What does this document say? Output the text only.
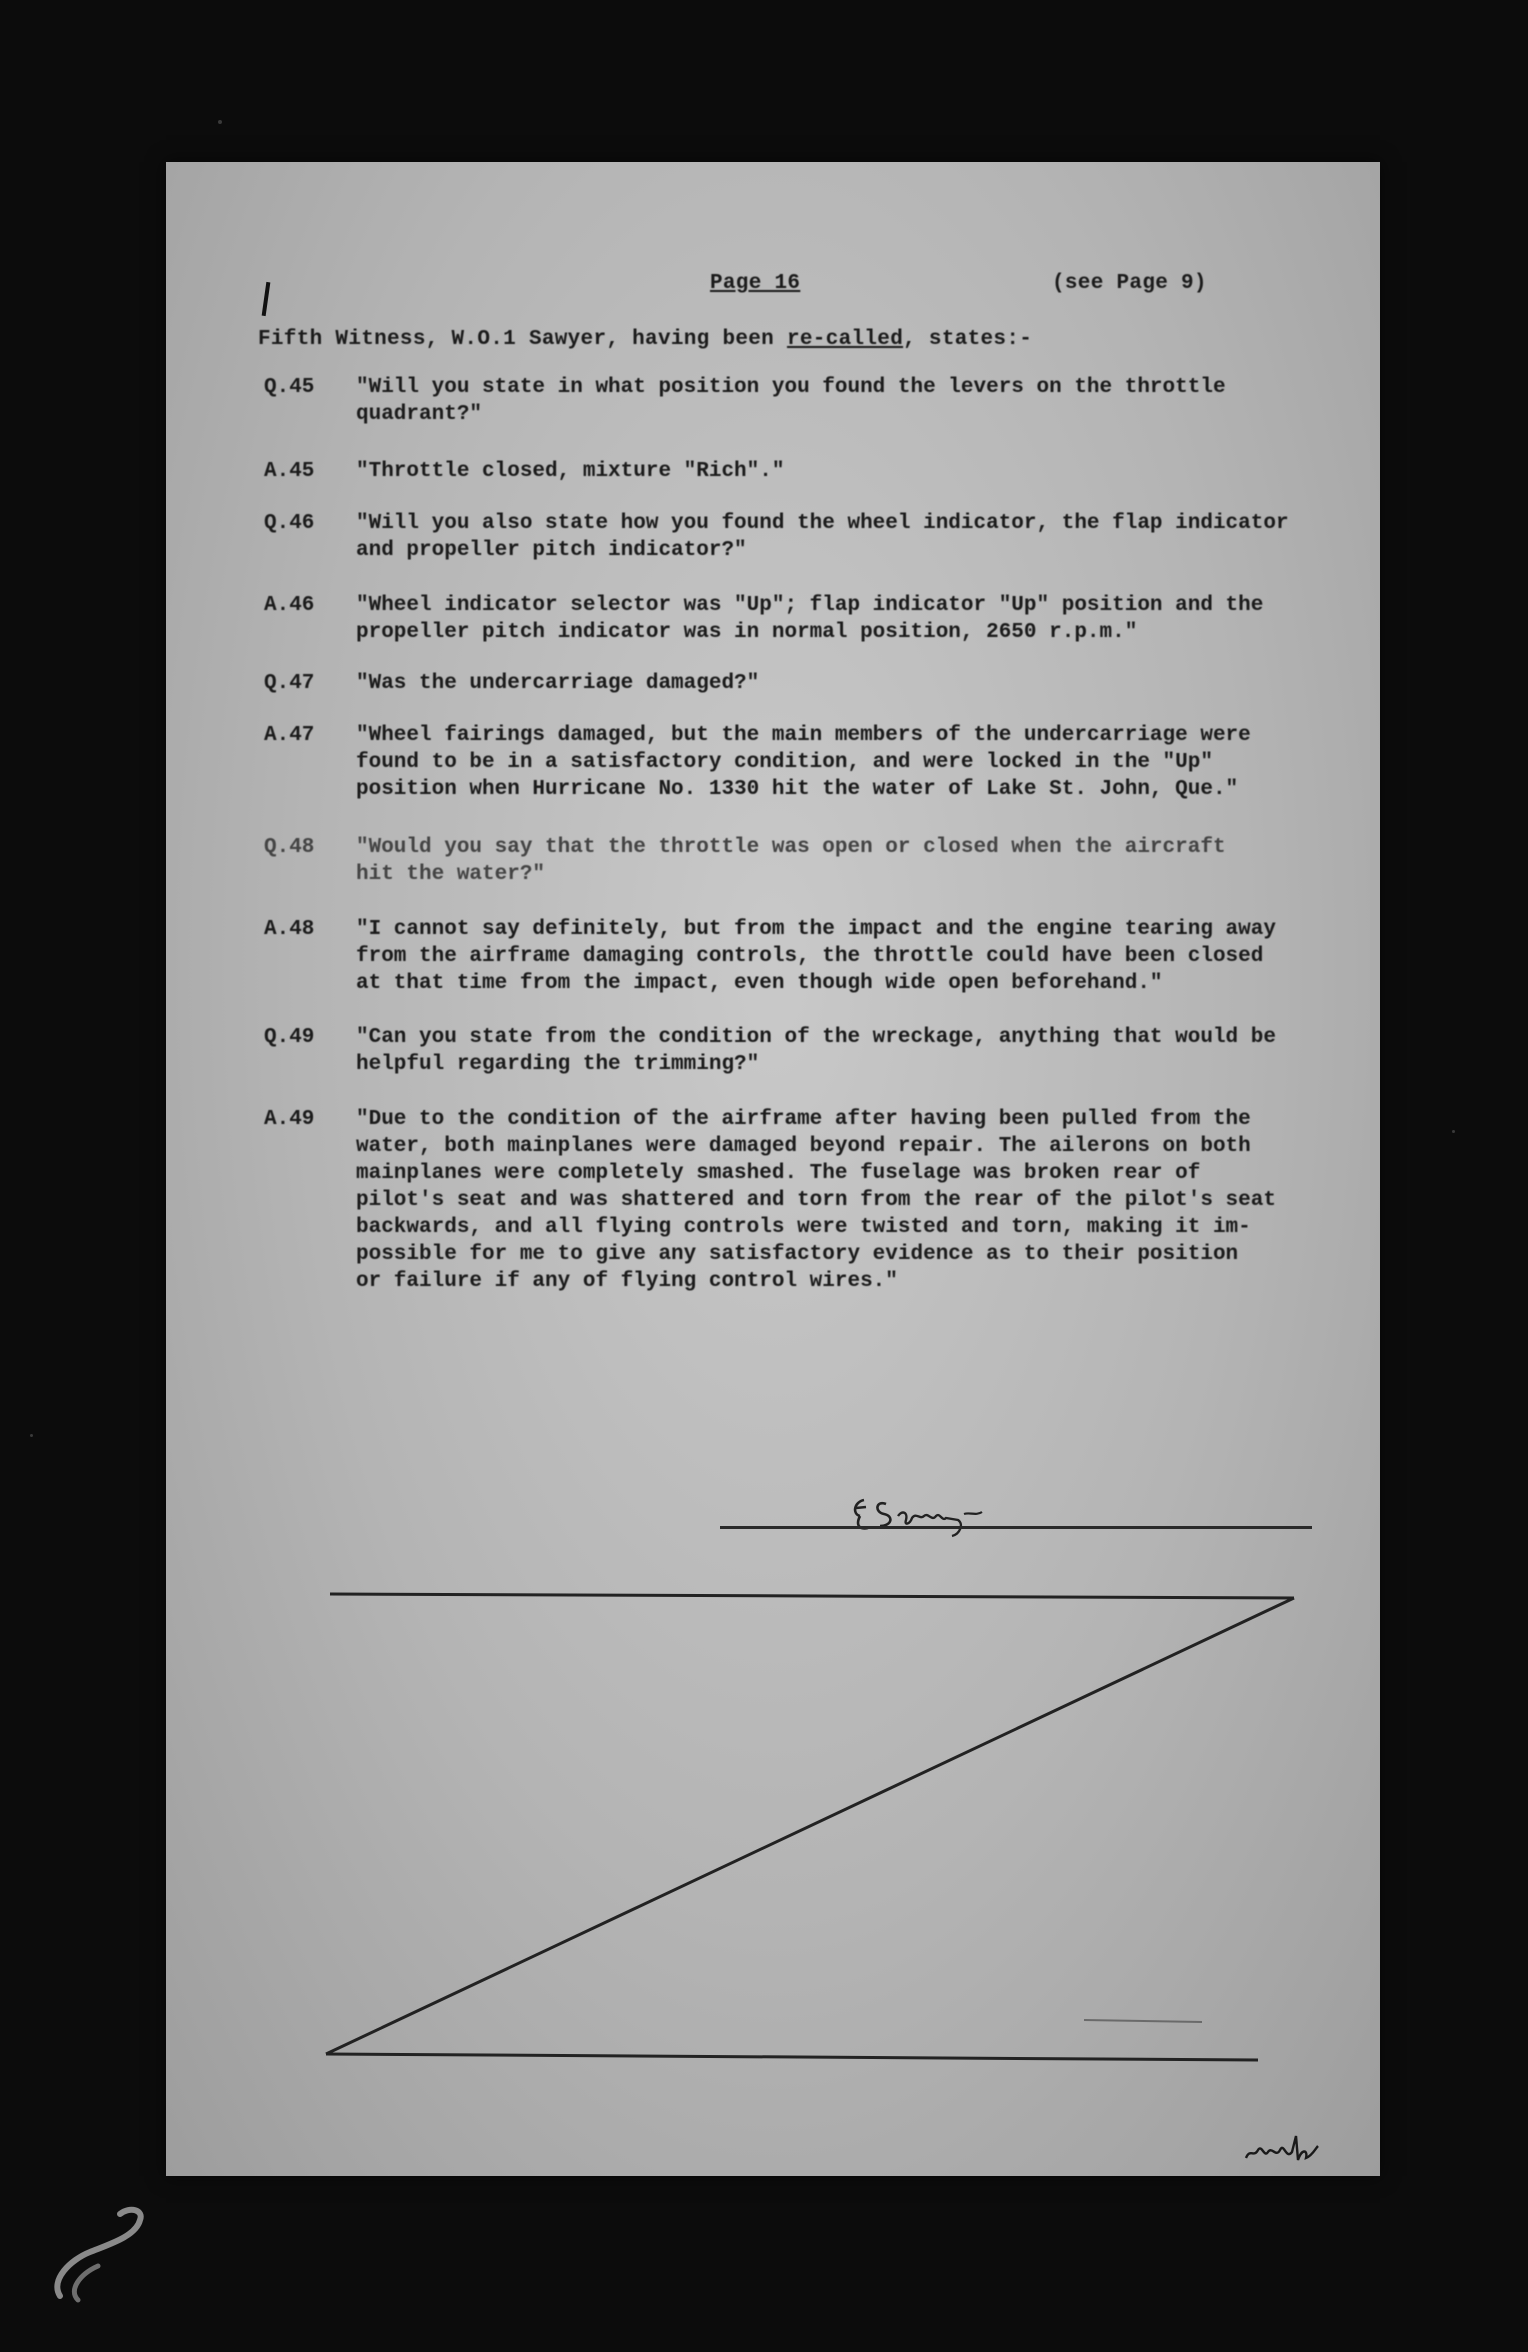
Page 16	(see Page 9)
Fifth Witness, W.O.1 Sawyer, having been re-called, states:-
Q.45 "Will you state in what position you found the levers on the throttle
quadrant?"
A.45 "Throttle closed, mixture "Rich"."
Q.46 "Will you also state how you found the wheel indicator, the flap indicator
and propeller pitch indicator?"
A.46 "Wheel indicator selector was "Up"; flap indicator "Up" position and the
propeller pitch indicator was in normal position, 2650 r.p.m."
Q.47 "Was the undercarriage damaged?"
A.47 "Wheel fairings damaged, but the main members of the undercarriage were
found to be in a satisfactory condition, and were locked in the "Up"
position when Hurricane No. 1330 hit the water of Lake St. John, Que."
Q.48 "Would you say that the throttle was open or closed when the aircraft
hit the water?"
A.48 "I cannot say definitely, but from the impact and the engine tearing away
from the airframe damaging controls, the throttle could have been closed
at that time from the impact, even though wide open beforehand."
Q.49 "Can you state from the condition of the wreckage, anything that would be
helpful regarding the trimming?"
A.49 "Due to the condition of the airframe after having been pulled from the
water, both mainplanes were damaged beyond repair. The ailerons on both
mainplanes were completely smashed. The fuselage was broken rear of
pilot's seat and was shattered and torn from the rear of the pilot's seat
backwards, and all flying controls were twisted and torn, making it im-
possible for me to give any satisfactory evidence as to their position
or failure if any of flying control wires."
